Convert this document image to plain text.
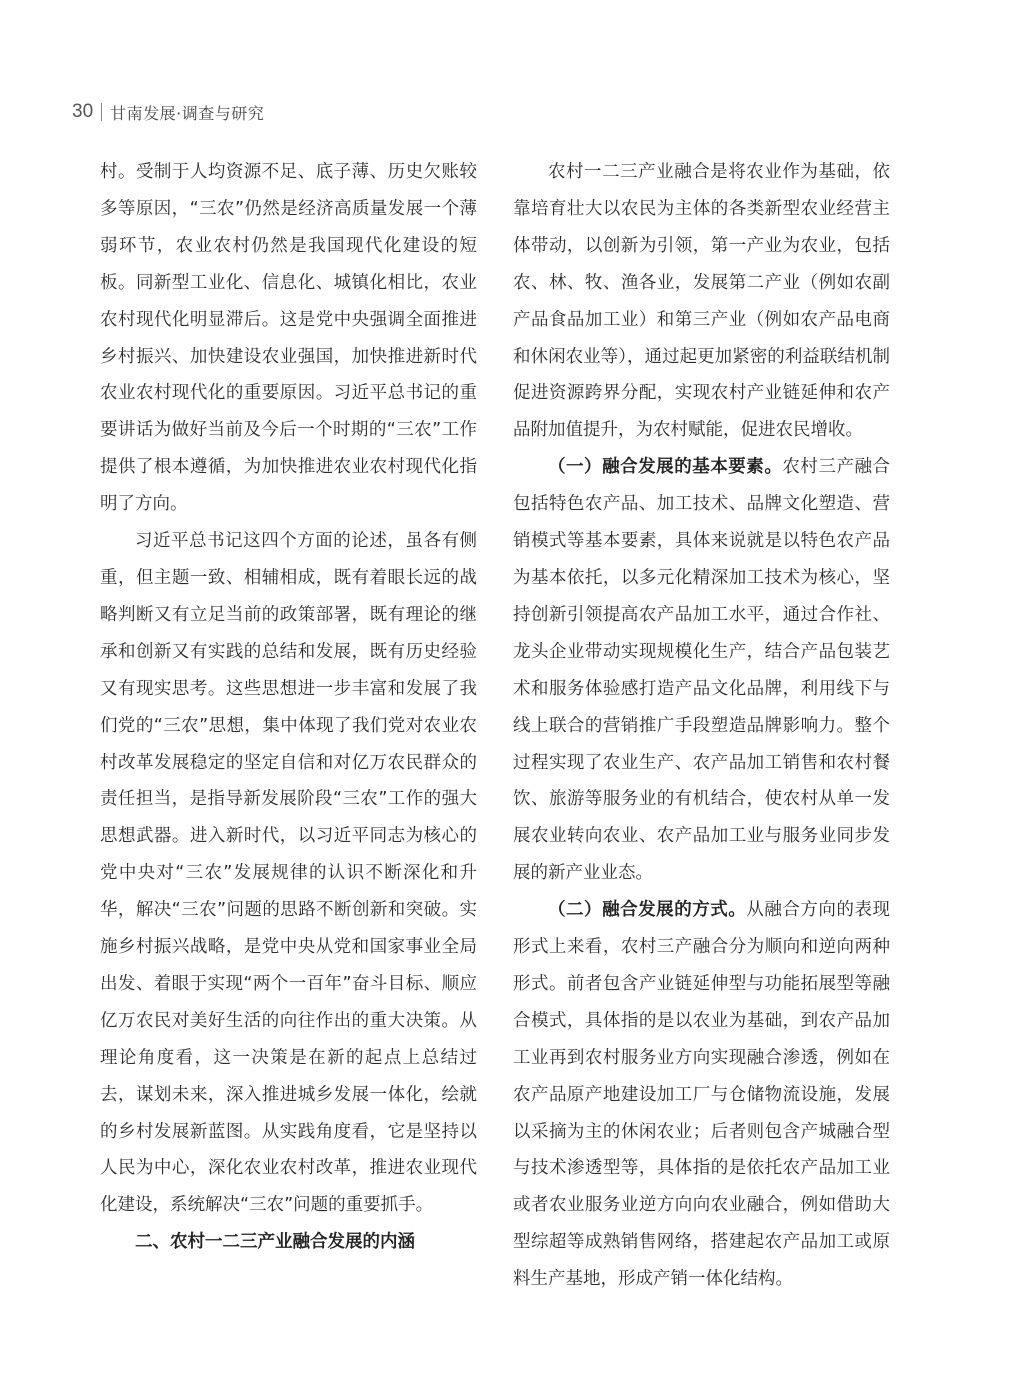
30 甘南发展·调查与研究

村。受制于人均资源不足、底子薄、历史欠账较多等原因，“三农”仍然是经济高质量发展一个薄弱环节，农业农村仍然是我国现代化建设的短板。同新型工业化、信息化、城镇化相比，农业农村现代化明显滞后。这是党中央强调全面推进乡村振兴、加快建设农业强国，加快推进新时代农业农村现代化的重要原因。习近平总书记的重要讲话为做好当前及今后一个时期的“三农”工作提供了根本遵循，为加快推进农业农村现代化指明了方向。

习近平总书记这四个方面的论述，虽各有侧重，但主题一致、相辅相成，既有着眼长远的战略判断又有立足当前的政策部署，既有理论的继承和创新又有实践的总结和发展，既有历史经验又有现实思考。这些思想进一步丰富和发展了我们党的“三农”思想，集中体现了我们党对农业农村改革发展稳定的坚定自信和对亿万农民群众的责任担当，是指导新发展阶段“三农”工作的强大思想武器。进入新时代，以习近平同志为核心的党中央对“三农”发展规律的认识不断深化和升华，解决“三农”问题的思路不断创新和突破。实施乡村振兴战略，是党中央从党和国家事业全局出发、着眼于实现“两个一百年”奋斗目标、顺应亿万农民对美好生活的向往作出的重大决策。从理论角度看，这一决策是在新的起点上总结过去，谋划未来，深入推进城乡发展一体化，绘就的乡村发展新蓝图。从实践角度看，它是坚持以人民为中心，深化农业农村改革，推进农业现代化建设，系统解决“三农”问题的重要抓手。

二、农村一二三产业融合发展的内涵

农村一二三产业融合是将农业作为基础，依靠培育壮大以农民为主体的各类新型农业经营主体带动，以创新为引领，第一产业为农业，包括农、林、牧、渔各业，发展第二产业（例如农副产品食品加工业）和第三产业（例如农产品电商和休闲农业等），通过起更加紧密的利益联结机制促进资源跨界分配，实现农村产业链延伸和农产品附加值提升，为农村赋能，促进农民增收。

（一）融合发展的基本要素。农村三产融合包括特色农产品、加工技术、品牌文化塑造、营销模式等基本要素，具体来说就是以特色农产品为基本依托，以多元化精深加工技术为核心，坚持创新引领提高农产品加工水平，通过合作社、龙头企业带动实现规模化生产，结合产品包装艺术和服务体验感打造产品文化品牌，利用线下与线上联合的营销推广手段塑造品牌影响力。整个过程实现了农业生产、农产品加工销售和农村餐饮、旅游等服务业的有机结合，使农村从单一发展农业转向农业、农产品加工业与服务业同步发展的新产业业态。

（二）融合发展的方式。从融合方向的表现形式上来看，农村三产融合分为顺向和逆向两种形式。前者包含产业链延伸型与功能拓展型等融合模式，具体指的是以农业为基础，到农产品加工业再到农村服务业方向实现融合渗透，例如在农产品原产地建设加工厂与仓储物流设施，发展以采摘为主的休闲农业；后者则包含产城融合型与技术渗透型等，具体指的是依托农产品加工业或者农业服务业逆方向向农业融合，例如借助大型综超等成熟销售网络，搭建起农产品加工或原料生产基地，形成产销一体化结构。
